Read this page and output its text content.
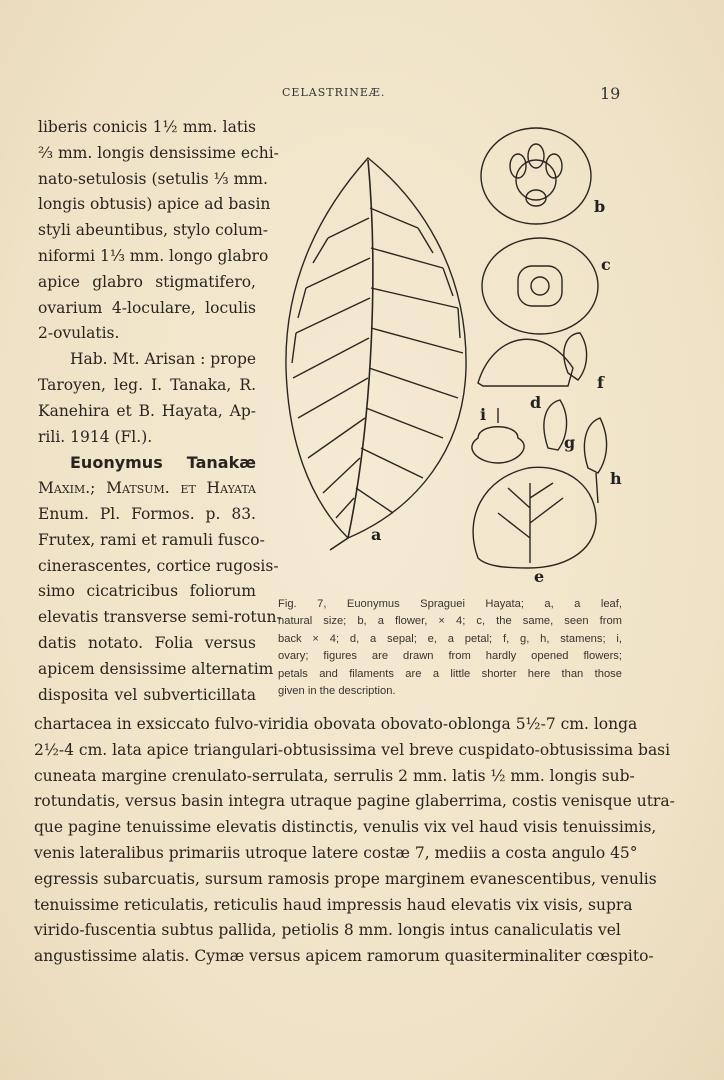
CELASTRINEÆ.	19
liberis conicis 1½ mm. latis
⅔ mm. longis densissime echi-
nato-setulosis (setulis ⅓ mm.
longis obtusis) apice ad basin
styli abeuntibus, stylo colum-
niformi 1⅓ mm. longo glabro
apice glabro stigmatifero,
ovarium 4-loculare, loculis
2-ovulatis.
Hab. Mt. Arisan : prope
Taroyen, leg. I. Tanaka, R.
Kanehira et B. Hayata, Ap-
rili. 1914 (Fl.).
Euonymus Tanakæ
Maxim.; Matsum. et Hayata
Enum. Pl. Formos. p. 83.
Frutex, rami et ramuli fusco-
cinerascentes, cortice rugosis-
simo cicatricibus foliorum
elevatis transverse semi-rotun-
datis notato. Folia versus
apicem densissime alternatim
disposita vel subverticillata
a
b
c
d
e
f
g
h
i
Fig. 7, Euonymus Spraguei Hayata; a, a leaf,
natural size; b, a flower, × 4; c, the same, seen from
back × 4; d, a sepal; e, a petal; f, g, h, stamens; i,
ovary; figures are drawn from hardly opened flowers;
petals and filaments are a little shorter here than those
given in the description.
chartacea in exsiccato fulvo-viridia obovata obovato-oblonga 5½-7 cm. longa
2½-4 cm. lata apice triangulari-obtusissima vel breve cuspidato-obtusissima basi
cuneata margine crenulato-serrulata, serrulis 2 mm. latis ½ mm. longis sub-
rotundatis, versus basin integra utraque pagine glaberrima, costis venisque utra-
que pagine tenuissime elevatis distinctis, venulis vix vel haud visis tenuissimis,
venis lateralibus primariis utroque latere costæ 7, mediis a costa angulo 45°
egressis subarcuatis, sursum ramosis prope marginem evanescentibus, venulis
tenuissime reticulatis, reticulis haud impressis haud elevatis vix visis, supra
virido-fuscentia subtus pallida, petiolis 8 mm. longis intus canaliculatis vel
angustissime alatis. Cymæ versus apicem ramorum quasiterminaliter cœspito-
